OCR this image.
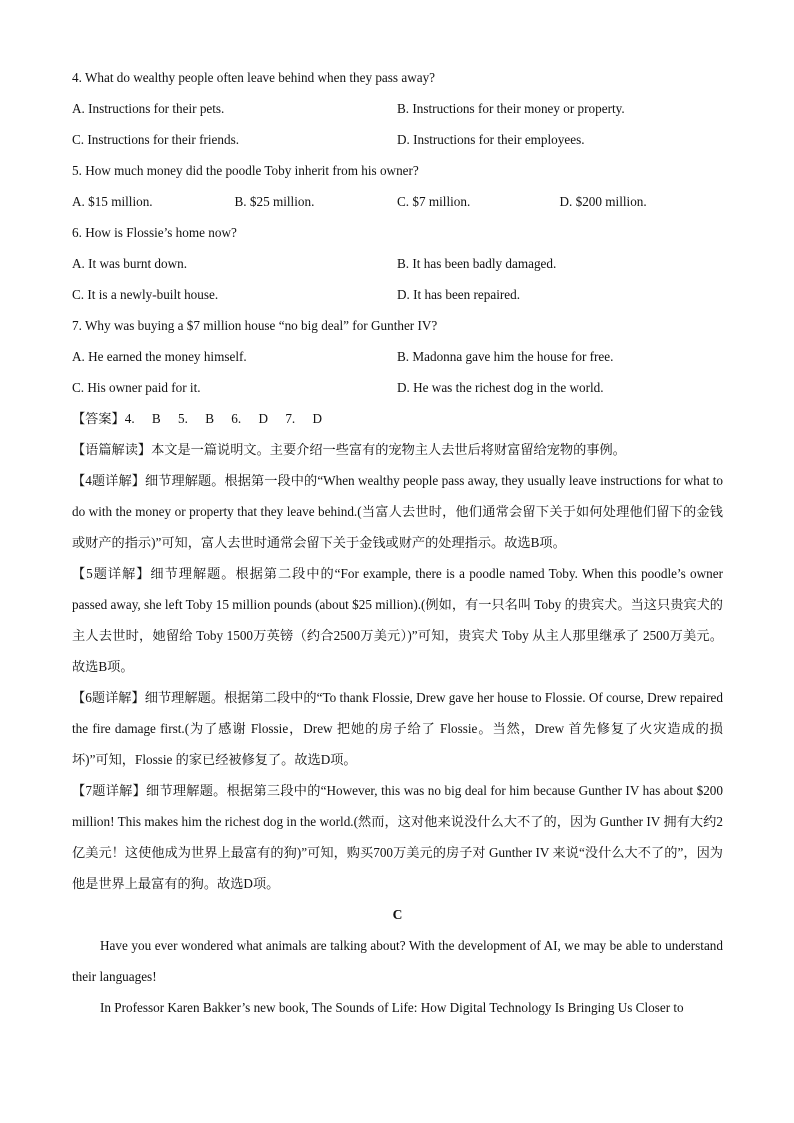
4. What do wealthy people often leave behind when they pass away?
A. Instructions for their pets.	B. Instructions for their money or property.
C. Instructions for their friends.	D. Instructions for their employees.
5. How much money did the poodle Toby inherit from his owner?
A. $15 million.	B. $25 million.	C. $7 million.	D. $200 million.
6. How is Flossie’s home now?
A. It was burnt down.	B. It has been badly damaged.
C. It is a newly-built house.	D. It has been repaired.
7. Why was buying a $7 million house “no big deal” for Gunther IV?
A. He earned the money himself.	B. Madonna gave him the house for free.
C. His owner paid for it.	D. He was the richest dog in the world.
【答案】4. B 5. B 6. D 7. D
【语篇解读】本文是一篇说明文。主要介绍一些富有的宠物主人去世后将财富留给宠物的事例。
【4题详解】细节理解题。根据第一段中的“When wealthy people pass away, they usually leave instructions for what to do with the money or property that they leave behind.(当富人去世时，他们通常会留下关于如何处理他们留下的金钱或财产的指示)”可知，富人去世时通常会留下关于金钱或财产的处理指示。故选B项。
【5题详解】细节理解题。根据第二段中的“For example, there is a poodle named Toby. When this poodle’s owner passed away, she left Toby 15 million pounds (about $25 million).(例如，有一只名叫 Toby 的贵宾犬。当这只贵宾犬的主人去世时，她留给 Toby 1500万英镑（约合2500万美元）)”可知，贵宾犬 Toby 从主人那里继承了 2500万美元。故选B项。
【6题详解】细节理解题。根据第二段中的“To thank Flossie, Drew gave her house to Flossie. Of course, Drew repaired the fire damage first.(为了感谢 Flossie，Drew 把她的房子给了 Flossie。当然，Drew 首先修复了火灾造成的损坏)”可知，Flossie 的家已经被修复了。故选D项。
【7题详解】细节理解题。根据第三段中的“However, this was no big deal for him because Gunther IV has about $200 million! This makes him the richest dog in the world.(然而，这对他来说没什么大不了的，因为 Gunther IV 拥有大约2亿美元！这使他成为世界上最富有的狗)”可知，购买700万美元的房子对 Gunther IV 来说“没什么大不了的”，因为他是世界上最富有的狗。故选D项。
C
Have you ever wondered what animals are talking about? With the development of AI, we may be able to understand their languages!
In Professor Karen Bakker’s new book, The Sounds of Life: How Digital Technology Is Bringing Us Closer to
